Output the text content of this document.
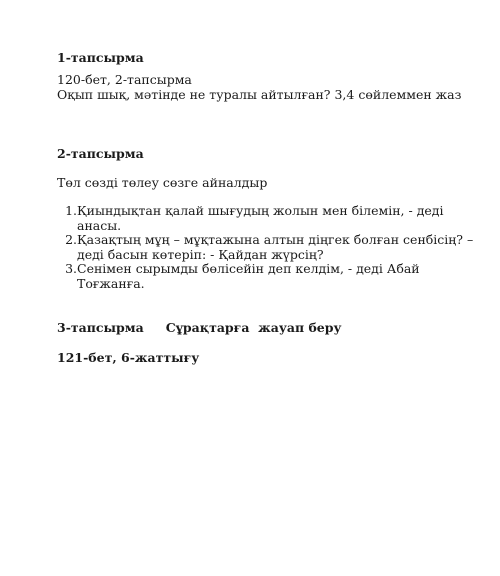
1-тапсырма
120-бет, 2-тапсырма
Оқып шық, мәтінде не туралы айтылған? 3,4 сөйлеммен жаз
2-тапсырма
Төл сөзді төлеу сөзге айналдыр
1. Қиындықтан қалай шығудың жолын мен білемін, - деді
анасы.
2. Қазақтың мұң – мұқтажына алтын діңгек болған сенбісің? –
деді басын көтеріп: - Қайдан жүрсің?
3. Сенімен сырымды бөлісейін деп келдім, - деді Абай
Тоғжанға.
3-тапсырма Сұрақтарға  жауап беру
121-бет, 6-жаттығу
